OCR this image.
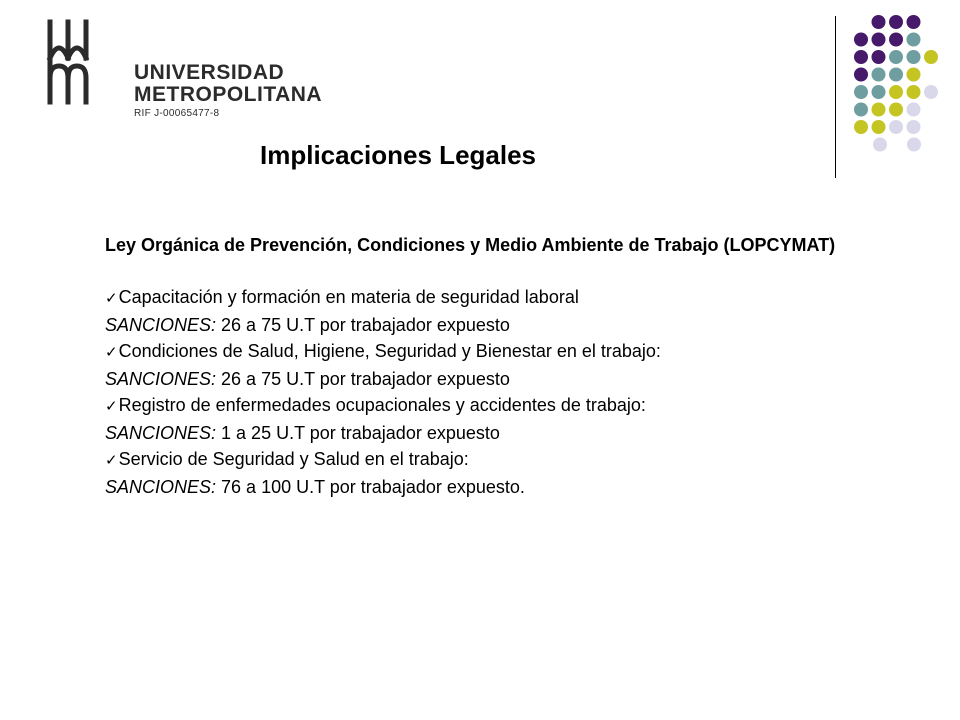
UNIVERSIDAD
METROPOLITANA
RIF J-00065477-8
Implicaciones Legales

Ley Orgánica de Prevención, Condiciones y Medio Ambiente de Trabajo (LOPCYMAT)

✓Capacitación y formación en materia de seguridad laboral

SANCIONES: 26 a 75 U.T por trabajador expuesto

✓Condiciones de Salud, Higiene, Seguridad y Bienestar en el trabajo:

SANCIONES: 26 a 75 U.T por trabajador expuesto

✓Registro de enfermedades ocupacionales y accidentes de trabajo:

SANCIONES: 1 a 25 U.T por trabajador expuesto

✓Servicio de Seguridad y Salud en el trabajo:

SANCIONES: 76 a 100 U.T por trabajador expuesto.
